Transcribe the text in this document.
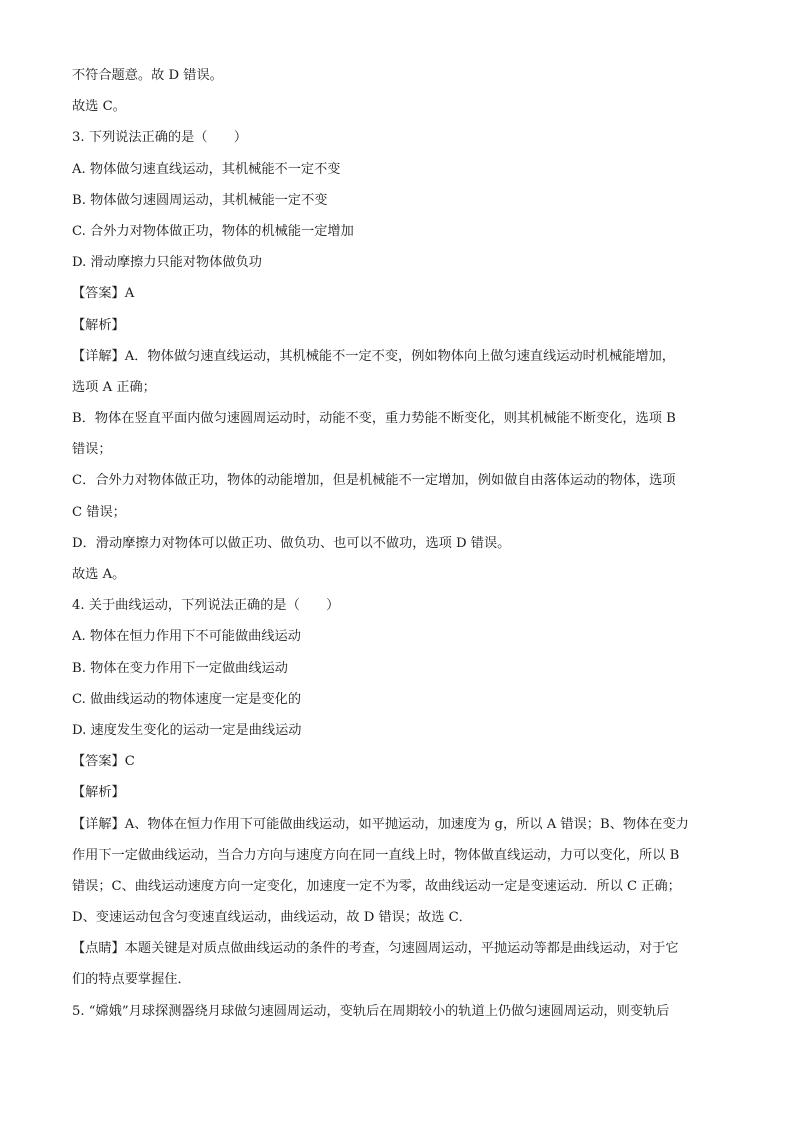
不符合题意。故 D 错误。
故选 C。
3. 下列说法正确的是（　　）
A. 物体做匀速直线运动，其机械能不一定不变
B. 物体做匀速圆周运动，其机械能一定不变
C. 合外力对物体做正功，物体的机械能一定增加
D. 滑动摩擦力只能对物体做负功
【答案】A
【解析】
【详解】A．物体做匀速直线运动，其机械能不一定不变，例如物体向上做匀速直线运动时机械能增加，
选项 A 正确；
B．物体在竖直平面内做匀速圆周运动时，动能不变，重力势能不断变化，则其机械能不断变化，选项 B
错误；
C．合外力对物体做正功，物体的动能增加，但是机械能不一定增加，例如做自由落体运动的物体，选项
C 错误；
D．滑动摩擦力对物体可以做正功、做负功、也可以不做功，选项 D 错误。
故选 A。
4. 关于曲线运动，下列说法正确的是（　　）
A. 物体在恒力作用下不可能做曲线运动
B. 物体在变力作用下一定做曲线运动
C. 做曲线运动的物体速度一定是变化的
D. 速度发生变化的运动一定是曲线运动
【答案】C
【解析】
【详解】A、物体在恒力作用下可能做曲线运动，如平抛运动，加速度为 g，所以 A 错误；B、物体在变力
作用下一定做曲线运动，当合力方向与速度方向在同一直线上时，物体做直线运动，力可以变化，所以 B
错误；C、曲线运动速度方向一定变化，加速度一定不为零，故曲线运动一定是变速运动．所以 C 正确；
D、变速运动包含匀变速直线运动，曲线运动，故 D 错误；故选 C．
【点睛】本题关键是对质点做曲线运动的条件的考查，匀速圆周运动，平抛运动等都是曲线运动，对于它
们的特点要掌握住．
5. “嫦娥”月球探测器绕月球做匀速圆周运动，变轨后在周期较小的轨道上仍做匀速圆周运动，则变轨后
